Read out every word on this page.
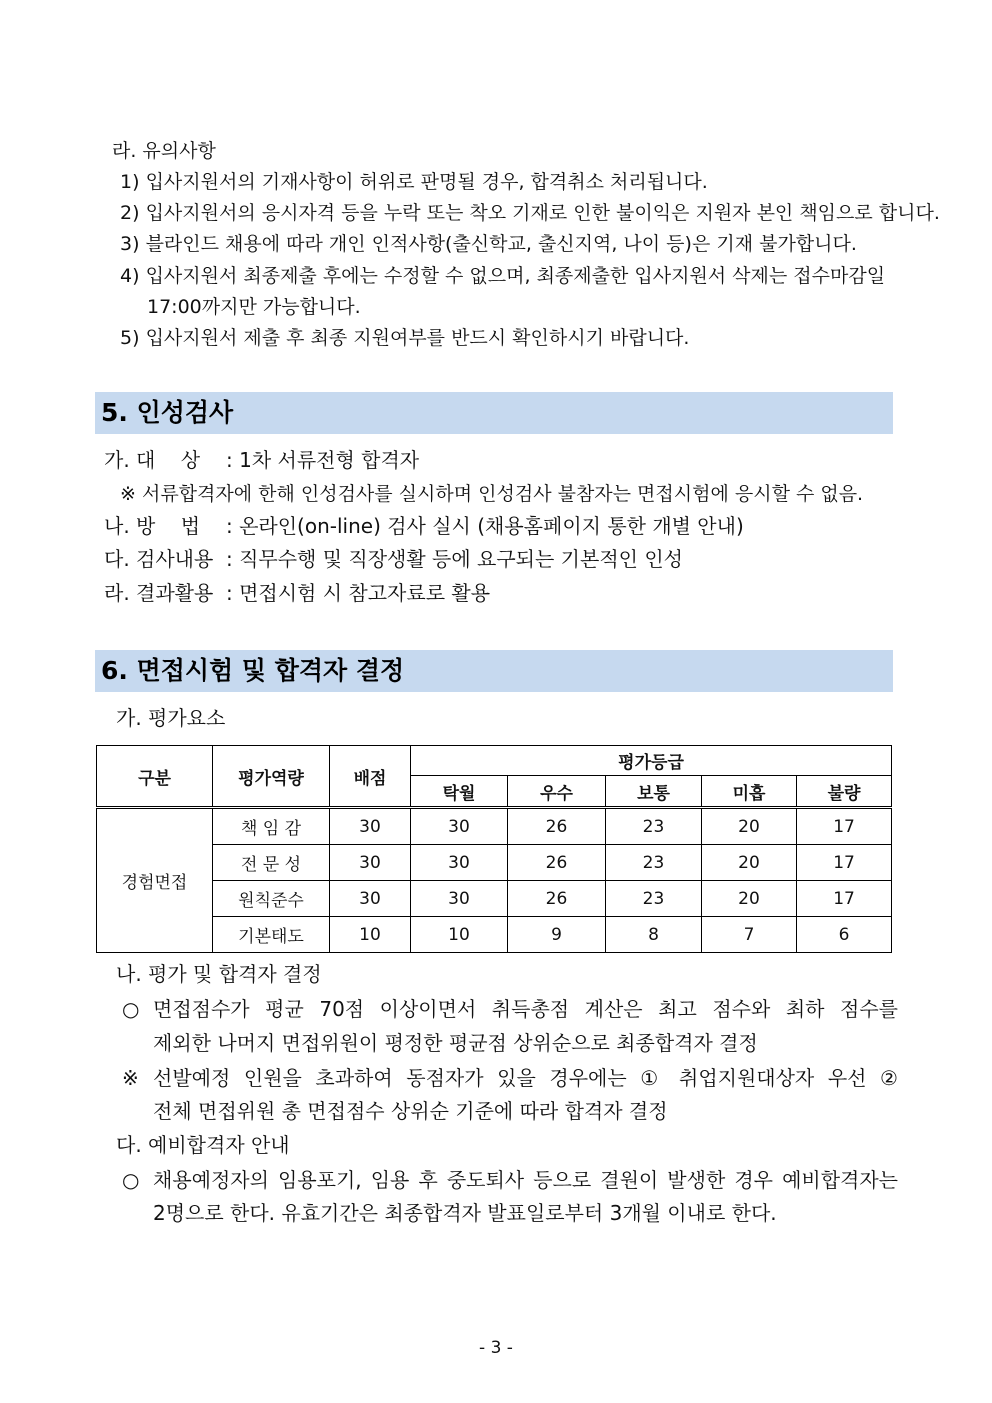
라. 유의사항
1) 입사지원서의 기재사항이 허위로 판명될 경우, 합격취소 처리됩니다.
2) 입사지원서의 응시자격 등을 누락 또는 착오 기재로 인한 불이익은 지원자 본인 책임으로 합니다.
3) 블라인드 채용에 따라 개인 인적사항(출신학교, 출신지역, 나이 등)은 기재 불가합니다.
4) 입사지원서 최종제출 후에는 수정할 수 없으며, 최종제출한 입사지원서 삭제는 접수마감일
17:00까지만 가능합니다.
5) 입사지원서 제출 후 최종 지원여부를 반드시 확인하시기 바랍니다.
5. 인성검사
가. 대    상 : 1차 서류전형 합격자
※ 서류합격자에 한해 인성검사를 실시하며 인성검사 불참자는 면접시험에 응시할 수 없음.
나. 방    법 : 온라인(on-line) 검사 실시 (채용홈페이지 통한 개별 안내)
다. 검사내용 : 직무수행 및 직장생활 등에 요구되는 기본적인 인성
라. 결과활용 : 면접시험 시 참고자료로 활용
6. 면접시험 및 합격자 결정
가. 평가요소
구분	평가역량	배점	평가등급				
			탁월	우수	보통	미흡	불량
경험면접	책 임 감	30	30	26	23	20	17
	전 문 성	30	30	26	23	20	17
	원칙준수	30	30	26	23	20	17
	기본태도	10	10	9	8	7	6
나. 평가 및 합격자 결정
○ 면접점수가 평균 70점 이상이면서 취득총점 계산은 최고 점수와 최하 점수를
제외한 나머지 면접위원이 평정한 평균점 상위순으로 최종합격자 결정
※ 선발예정 인원을 초과하여 동점자가 있을 경우에는 ① 취업지원대상자 우선 ②
전체 면접위원 총 면접점수 상위순 기준에 따라 합격자 결정
다. 예비합격자 안내
○ 채용예정자의 임용포기, 임용 후 중도퇴사 등으로 결원이 발생한 경우 예비합격자는
2명으로 한다. 유효기간은 최종합격자 발표일로부터 3개월 이내로 한다.
- 3 -
